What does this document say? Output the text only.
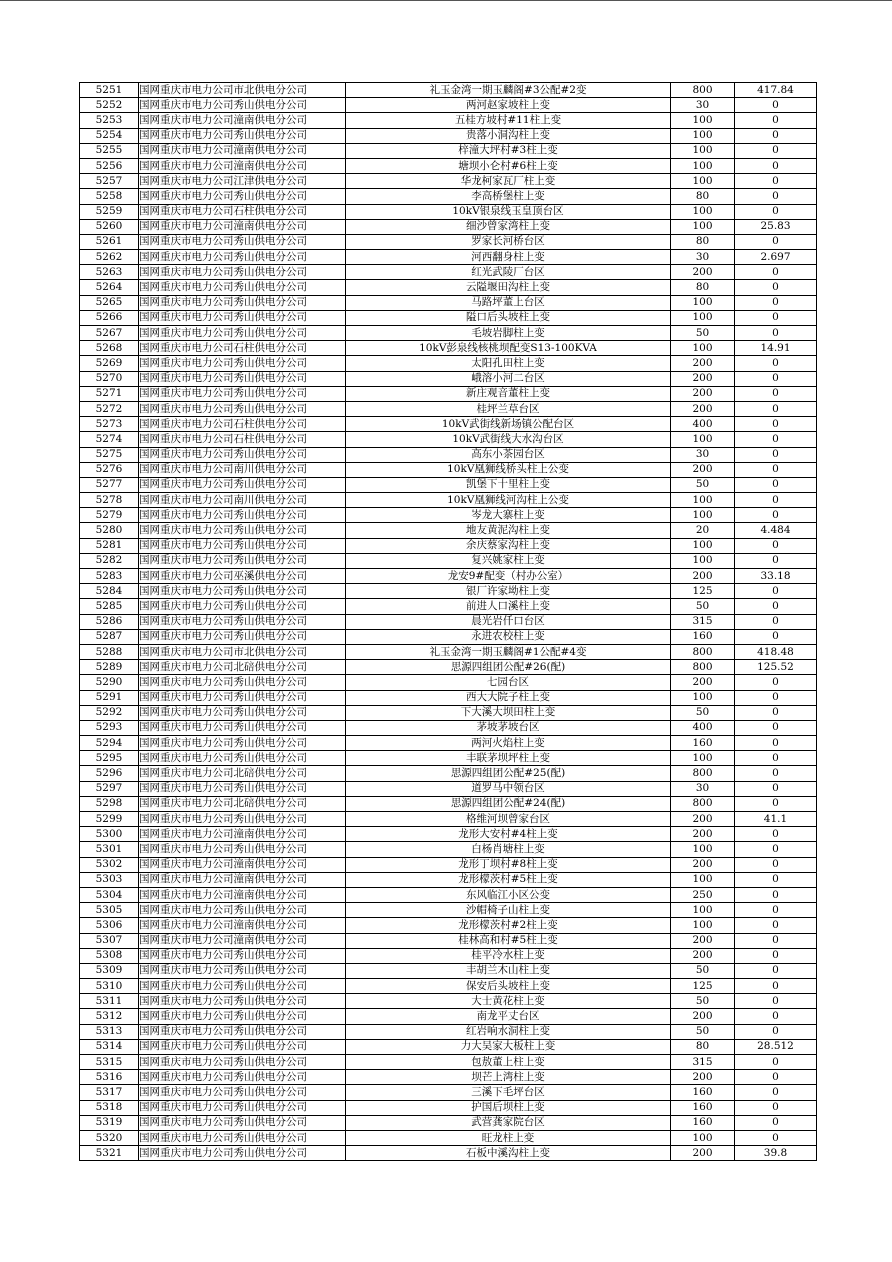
5251	国网重庆市电力公司市北供电分公司	礼玉金湾一期玉麟阁#3公配#2变	800	417.84
5252	国网重庆市电力公司秀山供电分公司	两河赵家坡柱上变	30	0
5253	国网重庆市电力公司潼南供电分公司	五桂方坡村#11柱上变	100	0
5254	国网重庆市电力公司秀山供电分公司	贵落小洞沟柱上变	100	0
5255	国网重庆市电力公司潼南供电分公司	梓潼大坪村#3柱上变	100	0
5256	国网重庆市电力公司潼南供电分公司	塘坝小仑村#6柱上变	100	0
5257	国网重庆市电力公司江津供电分公司	华龙柯家瓦厂柱上变	100	0
5258	国网重庆市电力公司秀山供电分公司	李高桥堡柱上变	80	0
5259	国网重庆市电力公司石柱供电分公司	10kV银泉线玉皇顶台区	100	0
5260	国网重庆市电力公司潼南供电分公司	细沙曾家湾柱上变	100	25.83
5261	国网重庆市电力公司秀山供电分公司	罗家长河桥台区	80	0
5262	国网重庆市电力公司秀山供电分公司	河西翻身柱上变	30	2.697
5263	国网重庆市电力公司秀山供电分公司	红光武陵厂台区	200	0
5264	国网重庆市电力公司秀山供电分公司	云隘堰田沟柱上变	80	0
5265	国网重庆市电力公司秀山供电分公司	马路坪董上台区	100	0
5266	国网重庆市电力公司秀山供电分公司	隘口后头坡柱上变	100	0
5267	国网重庆市电力公司秀山供电分公司	毛坡岩脚柱上变	50	0
5268	国网重庆市电力公司石柱供电分公司	10kV彭泉线核桃坝配变S13-100KVA	100	14.91
5269	国网重庆市电力公司秀山供电分公司	太阳孔田柱上变	200	0
5270	国网重庆市电力公司秀山供电分公司	峨溶小河二台区	200	0
5271	国网重庆市电力公司秀山供电分公司	新庄观音董柱上变	200	0
5272	国网重庆市电力公司秀山供电分公司	桂坪兰草台区	200	0
5273	国网重庆市电力公司石柱供电分公司	10kV武街线新场镇公配台区	400	0
5274	国网重庆市电力公司石柱供电分公司	10kV武街线大水沟台区	100	0
5275	国网重庆市电力公司秀山供电分公司	高东小茶园台区	30	0
5276	国网重庆市电力公司南川供电分公司	10kV凰狮线桥头柱上公变	200	0
5277	国网重庆市电力公司秀山供电分公司	凯堡下十里柱上变	50	0
5278	国网重庆市电力公司南川供电分公司	10kV凰狮线河沟柱上公变	100	0
5279	国网重庆市电力公司秀山供电分公司	岑龙大寨柱上变	100	0
5280	国网重庆市电力公司秀山供电分公司	地友黄泥沟柱上变	20	4.484
5281	国网重庆市电力公司秀山供电分公司	余庆蔡家沟柱上变	100	0
5282	国网重庆市电力公司秀山供电分公司	复兴姚家柱上变	100	0
5283	国网重庆市电力公司巫溪供电分公司	龙安9#配变（村办公室）	200	33.18
5284	国网重庆市电力公司秀山供电分公司	银厂许家坳柱上变	125	0
5285	国网重庆市电力公司秀山供电分公司	前进人口溪柱上变	50	0
5286	国网重庆市电力公司秀山供电分公司	晨光岩仟口台区	315	0
5287	国网重庆市电力公司秀山供电分公司	永进农校柱上变	160	0
5288	国网重庆市电力公司市北供电分公司	礼玉金湾一期玉麟阁#1公配#4变	800	418.48
5289	国网重庆市电力公司北碚供电分公司	思源四组团公配#26(配)	800	125.52
5290	国网重庆市电力公司秀山供电分公司	七园台区	200	0
5291	国网重庆市电力公司秀山供电分公司	西大大院子柱上变	100	0
5292	国网重庆市电力公司秀山供电分公司	下大溪大坝田柱上变	50	0
5293	国网重庆市电力公司秀山供电分公司	茅坡茅坡台区	400	0
5294	国网重庆市电力公司秀山供电分公司	两河火焰柱上变	160	0
5295	国网重庆市电力公司秀山供电分公司	丰联茅坝坪柱上变	100	0
5296	国网重庆市电力公司北碚供电分公司	思源四组团公配#25(配)	800	0
5297	国网重庆市电力公司秀山供电分公司	道罗马中领台区	30	0
5298	国网重庆市电力公司北碚供电分公司	思源四组团公配#24(配)	800	0
5299	国网重庆市电力公司秀山供电分公司	格维河坝曾家台区	200	41.1
5300	国网重庆市电力公司潼南供电分公司	龙形大安村#4柱上变	200	0
5301	国网重庆市电力公司秀山供电分公司	白杨肖塘柱上变	100	0
5302	国网重庆市电力公司潼南供电分公司	龙形丁坝村#8柱上变	200	0
5303	国网重庆市电力公司潼南供电分公司	龙形檬茨村#5柱上变	100	0
5304	国网重庆市电力公司潼南供电分公司	东风临江小区公变	250	0
5305	国网重庆市电力公司秀山供电分公司	沙帽椅子山柱上变	100	0
5306	国网重庆市电力公司潼南供电分公司	龙形檬茨村#2柱上变	100	0
5307	国网重庆市电力公司潼南供电分公司	桂林高和村#5柱上变	200	0
5308	国网重庆市电力公司秀山供电分公司	桂平冷水柱上变	200	0
5309	国网重庆市电力公司秀山供电分公司	丰胡兰木山柱上变	50	0
5310	国网重庆市电力公司秀山供电分公司	保安后头坡柱上变	125	0
5311	国网重庆市电力公司秀山供电分公司	大士黄花柱上变	50	0
5312	国网重庆市电力公司秀山供电分公司	南龙平丈台区	200	0
5313	国网重庆市电力公司秀山供电分公司	红岩响水洞柱上变	50	0
5314	国网重庆市电力公司秀山供电分公司	力大吴家大板柱上变	80	28.512
5315	国网重庆市电力公司秀山供电分公司	包敖董上柱上变	315	0
5316	国网重庆市电力公司秀山供电分公司	坝芒上湾柱上变	200	0
5317	国网重庆市电力公司秀山供电分公司	三溪下毛坪台区	160	0
5318	国网重庆市电力公司秀山供电分公司	护国后坝柱上变	160	0
5319	国网重庆市电力公司秀山供电分公司	武营龚家院台区	160	0
5320	国网重庆市电力公司秀山供电分公司	旺龙柱上变	100	0
5321	国网重庆市电力公司秀山供电分公司	石板中溪沟柱上变	200	39.8
